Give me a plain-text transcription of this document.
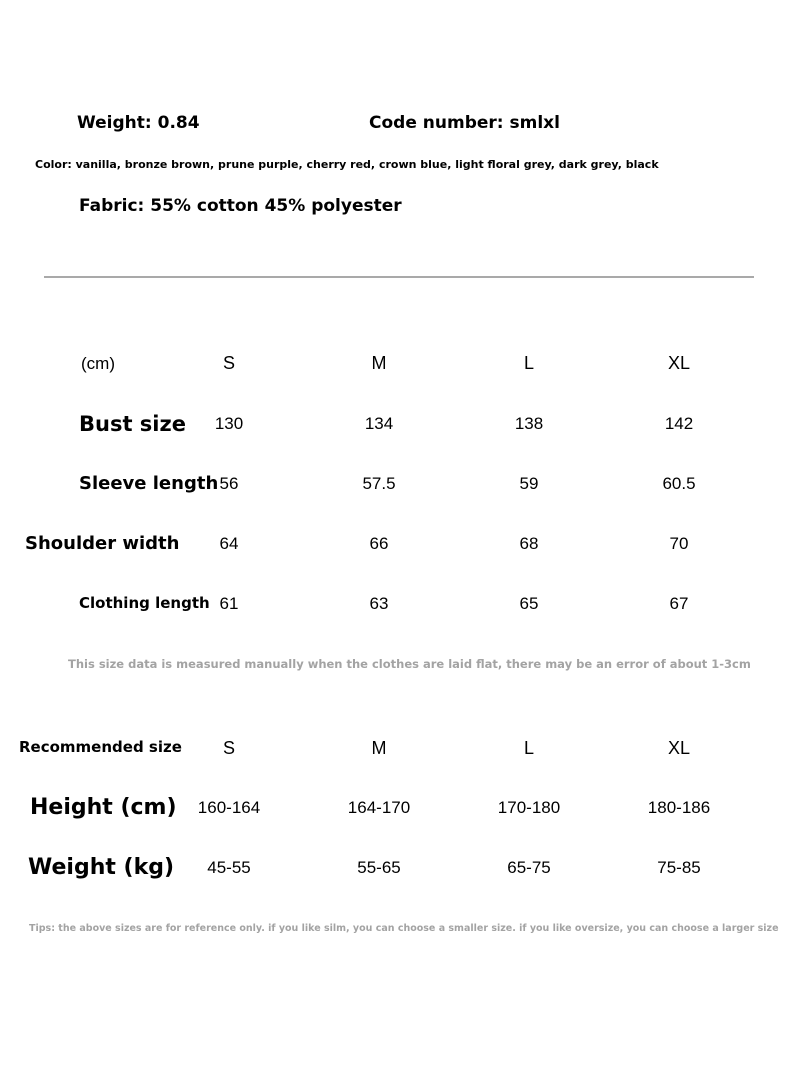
Weight: 0.84	Code number: smlxl
Color: vanilla, bronze brown, prune purple, cherry red, crown blue, light floral grey, dark grey, black
Fabric: 55% cotton 45% polyester
(cm)	S	M	L	XL
Bust size	130	134	138	142
Sleeve length 56	57.5	59	60.5
Shoulder width	64	66	68	70
Clothing length 61	63	65	67
This size data is measured manually when the clothes are laid flat, there may be an error of about 1-3cm
Recommended size	S	M	L	XL
Height (cm)	160-164	164-170	170-180	180-186
Weight (kg)	45-55	55-65	65-75	75-85
Tips: the above sizes are for reference only. if you like silm, you can choose a smaller size. if you like oversize, you can choose a larger size
